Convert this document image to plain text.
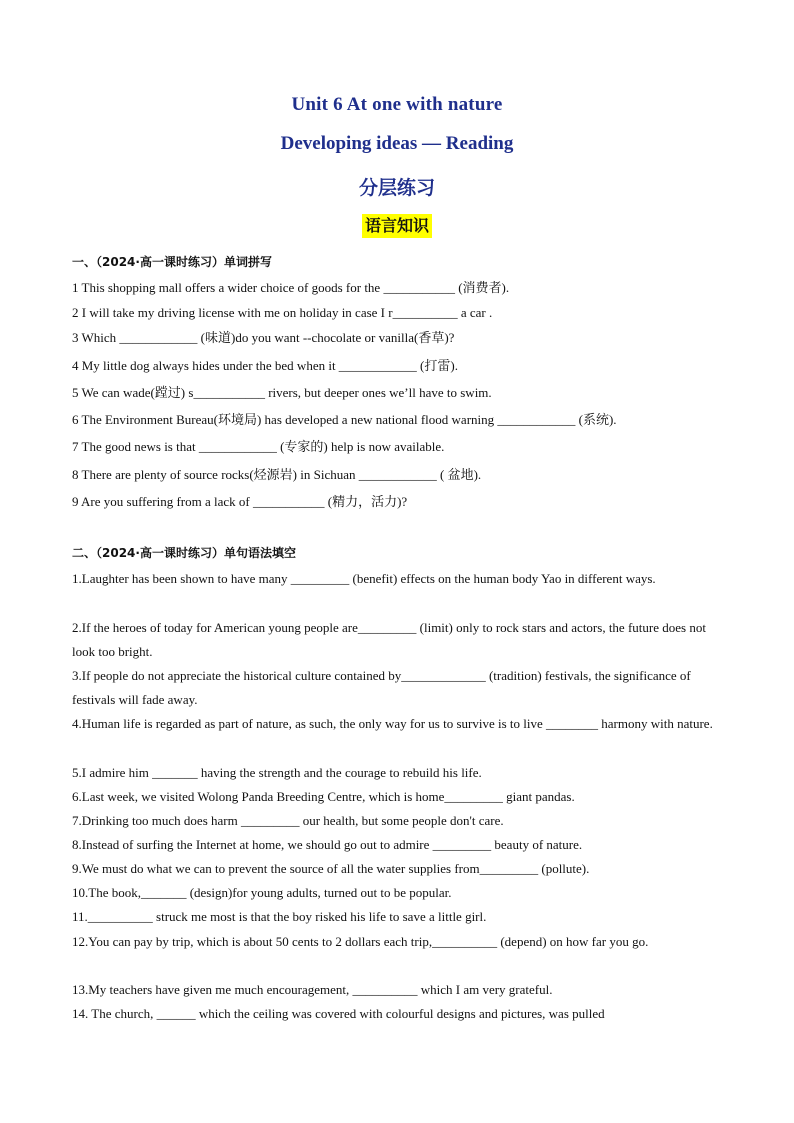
Unit 6 At one with nature
Developing ideas — Reading
分层练习
语言知识
一、（2024·高一课时练习）单词拼写
1 This shopping mall offers a wider choice of goods for the ___________ (消费者).
2 I will take my driving license with me on holiday in case I r__________ a car .
3 Which ____________ (味道)do you want --chocolate or vanilla(香草)?
4 My little dog always hides under the bed when it ____________ (打雷).
5 We can wade(蹚过) s___________ rivers, but deeper ones we’ll have to swim.
6 The Environment Bureau(环境局) has developed a new national flood warning ____________ (系统).
7 The good news is that ____________ (专家的) help is now available.
8 There are plenty of source rocks(烃源岩) in Sichuan ____________ ( 盆地).
9 Are you suffering from a lack of ___________ (精力，活力)?
二、（2024·高一课时练习）单句语法填空
1.Laughter has been shown to have many _________ (benefit) effects on the human body Yao in different ways.
2.If the heroes of today for American young people are_________ (limit) only to rock stars and actors, the future does not look too bright.
3.If people do not appreciate the historical culture contained by_____________ (tradition) festivals, the significance of festivals will fade away.
4.Human life is regarded as part of nature, as such, the only way for us to survive is to live ________ harmony with nature.
5.I admire him _______ having the strength and the courage to rebuild his life.
6.Last week, we visited Wolong Panda Breeding Centre, which is home_________ giant pandas.
7.Drinking too much does harm _________ our health, but some people don't care.
8.Instead of surfing the Internet at home, we should go out to admire _________ beauty of nature.
9.We must do what we can to prevent the source of all the water supplies from_________ (pollute).
10.The book,_______ (design)for young adults, turned out to be popular.
11.__________ struck me most is that the boy risked his life to save a little girl.
12.You can pay by trip, which is about 50 cents to 2 dollars each trip,__________ (depend) on how far you go.
13.My teachers have given me much encouragement, __________ which I am very grateful.
14. The church, ______ which the ceiling was covered with colourful designs and pictures, was pulled
